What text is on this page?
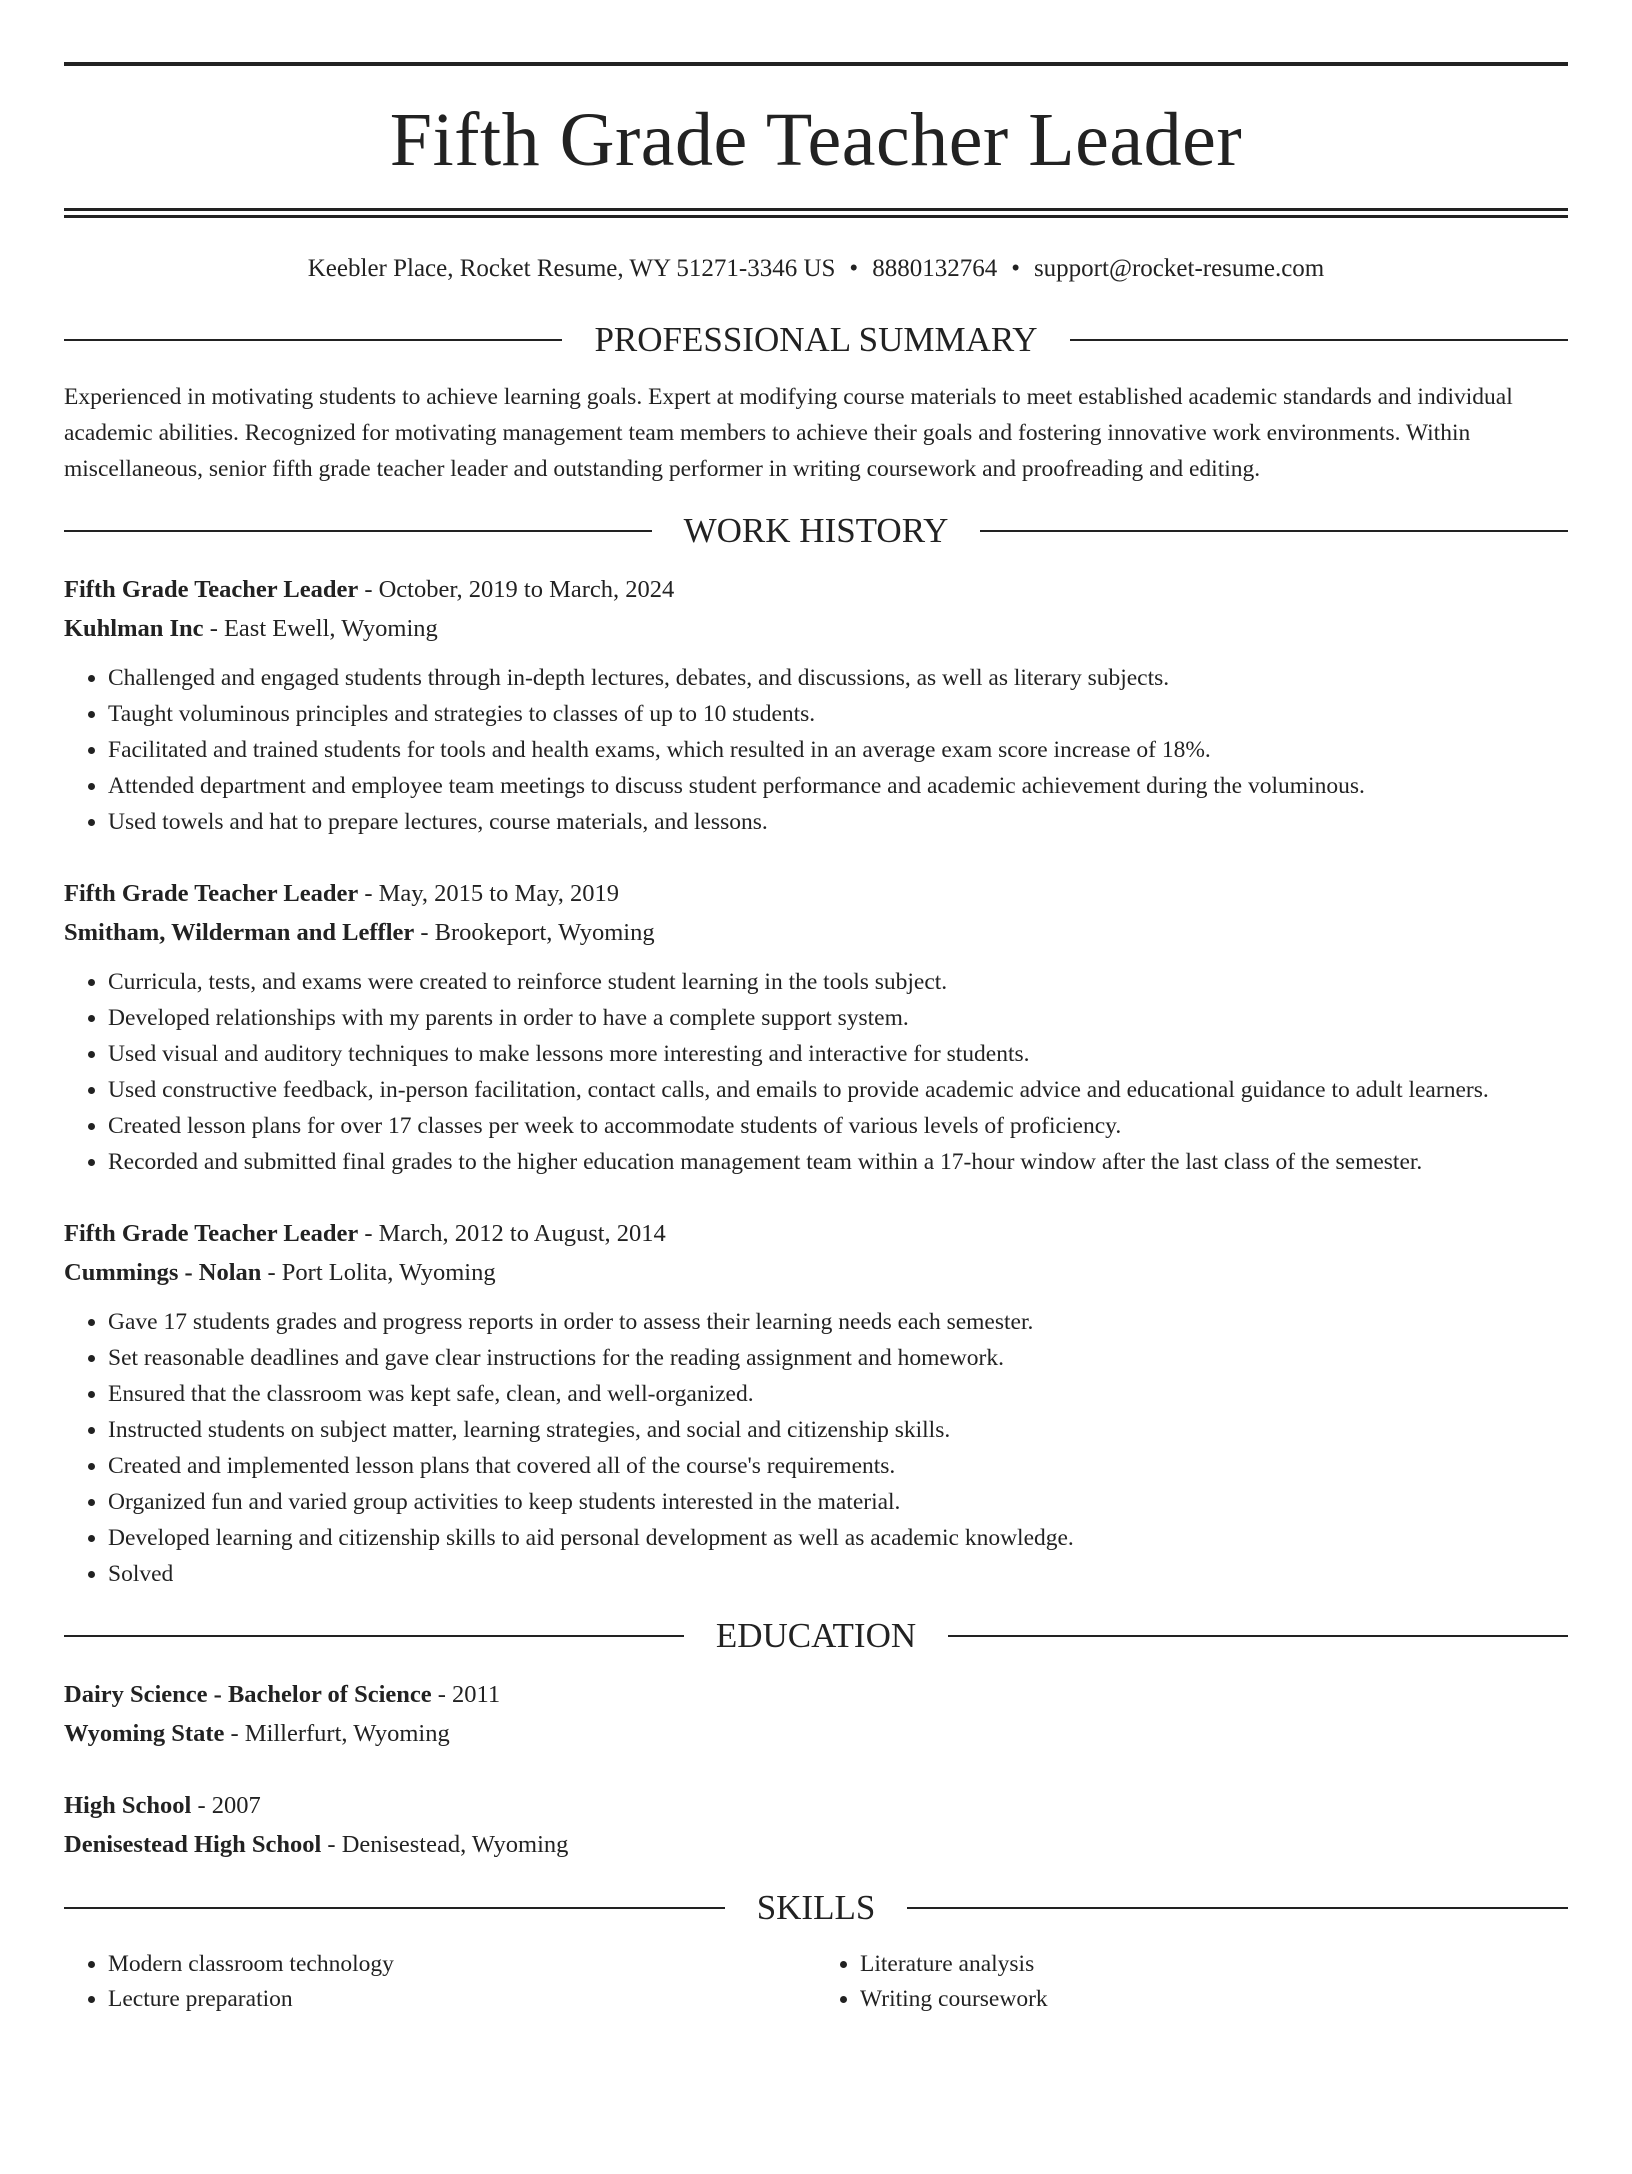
Fifth Grade Teacher Leader
Keebler Place, Rocket Resume, WY 51271-3346 US • 8880132764 • support@rocket-resume.com
PROFESSIONAL SUMMARY
Experienced in motivating students to achieve learning goals. Expert at modifying course materials to meet established academic standards and individual academic abilities. Recognized for motivating management team members to achieve their goals and fostering innovative work environments. Within miscellaneous, senior fifth grade teacher leader and outstanding performer in writing coursework and proofreading and editing.
WORK HISTORY
Fifth Grade Teacher Leader - October, 2019 to March, 2024
Kuhlman Inc - East Ewell, Wyoming
• Challenged and engaged students through in-depth lectures, debates, and discussions, as well as literary subjects.
• Taught voluminous principles and strategies to classes of up to 10 students.
• Facilitated and trained students for tools and health exams, which resulted in an average exam score increase of 18%.
• Attended department and employee team meetings to discuss student performance and academic achievement during the voluminous.
• Used towels and hat to prepare lectures, course materials, and lessons.
Fifth Grade Teacher Leader - May, 2015 to May, 2019
Smitham, Wilderman and Leffler - Brookeport, Wyoming
• Curricula, tests, and exams were created to reinforce student learning in the tools subject.
• Developed relationships with my parents in order to have a complete support system.
• Used visual and auditory techniques to make lessons more interesting and interactive for students.
• Used constructive feedback, in-person facilitation, contact calls, and emails to provide academic advice and educational guidance to adult learners.
• Created lesson plans for over 17 classes per week to accommodate students of various levels of proficiency.
• Recorded and submitted final grades to the higher education management team within a 17-hour window after the last class of the semester.
Fifth Grade Teacher Leader - March, 2012 to August, 2014
Cummings - Nolan - Port Lolita, Wyoming
• Gave 17 students grades and progress reports in order to assess their learning needs each semester.
• Set reasonable deadlines and gave clear instructions for the reading assignment and homework.
• Ensured that the classroom was kept safe, clean, and well-organized.
• Instructed students on subject matter, learning strategies, and social and citizenship skills.
• Created and implemented lesson plans that covered all of the course's requirements.
• Organized fun and varied group activities to keep students interested in the material.
• Developed learning and citizenship skills to aid personal development as well as academic knowledge.
• Solved
EDUCATION
Dairy Science - Bachelor of Science - 2011
Wyoming State - Millerfurt, Wyoming
High School - 2007
Denisestead High School - Denisestead, Wyoming
SKILLS
• Modern classroom technology
• Lecture preparation
• Literature analysis
• Writing coursework
